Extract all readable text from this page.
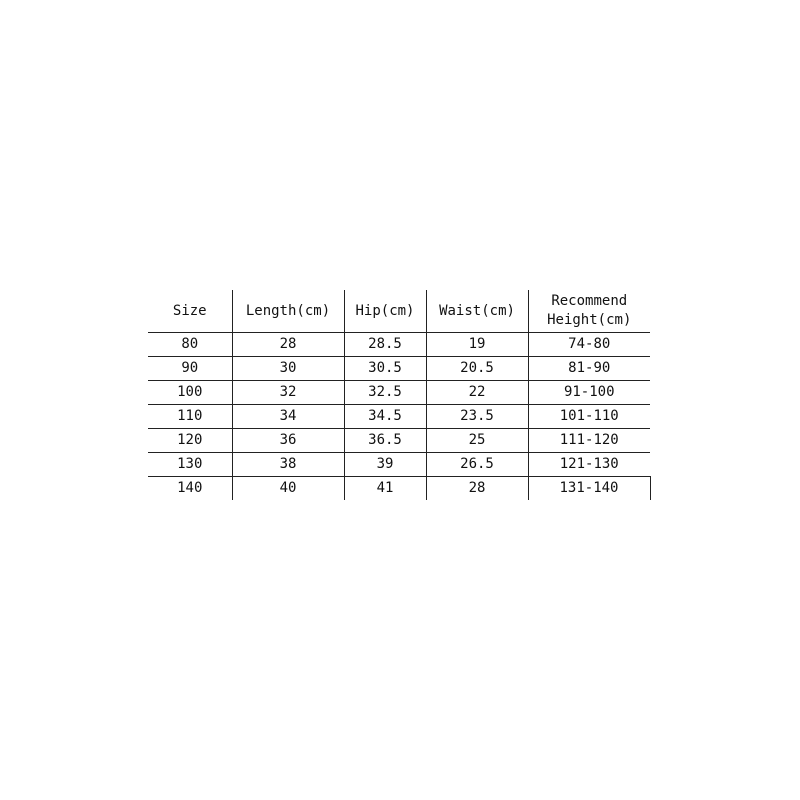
Size	Length(cm)	Hip(cm)	Waist(cm)	Recommend
Height(cm)

80	28	28.5	19	74-80
90	30	30.5	20.5	81-90
100	32	32.5	22	91-100
110	34	34.5	23.5	101-110
120	36	36.5	25	111-120
130	38	39	26.5	121-130
140	40	41	28	131-140
